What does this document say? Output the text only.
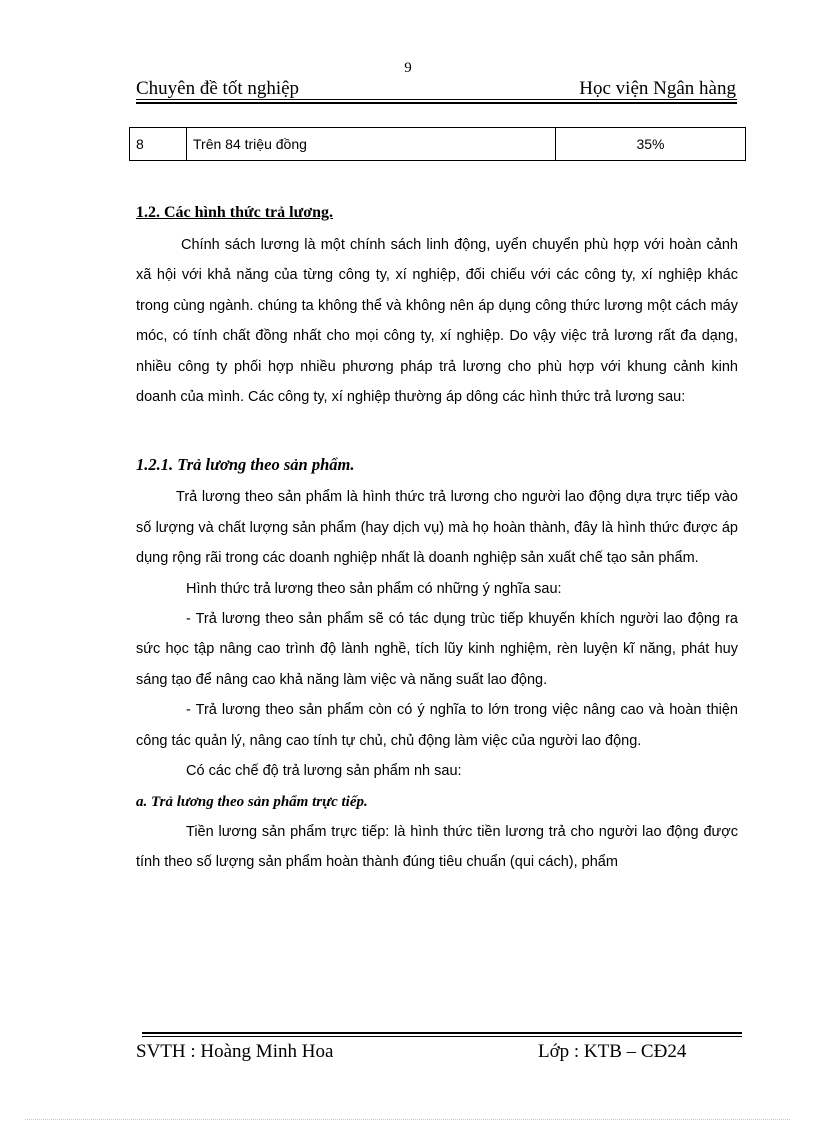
9
Chuyên đề tốt nghiệp	Học viện Ngân hàng
8	Trên 84 triệu đồng	35%
1.2. Các hình thức trả lương.

Chính sách lương là một chính sách linh động, uyển chuyển phù hợp với hoàn cảnh xã hội với khả năng của từng công ty, xí nghiệp, đối chiếu với các công ty, xí nghiệp khác trong cùng ngành. chúng ta không thể và không nên áp dụng công thức lương một cách máy móc, có tính chất đồng nhất cho mọi công ty, xí nghiệp. Do vậy việc trả lương rất đa dạng, nhiều công ty phối hợp nhiều phương pháp trả lương cho phù hợp với khung cảnh kinh doanh của mình. Các công ty, xí nghiệp thường áp dông các hình thức trả lương sau:

1.2.1. Trả lương theo sản phẩm.

Trả lương theo sản phẩm là hình thức trả lương cho người lao động dựa trực tiếp vào số lượng và chất lượng sản phẩm (hay dịch vụ) mà họ hoàn thành, đây là hình thức được áp dụng rộng rãi trong các doanh nghiệp nhất là doanh nghiệp sản xuất chế tạo sản phẩm.

Hình thức trả lương theo sản phẩm có những ý nghĩa sau:

- Trả lương theo sản phẩm sẽ có tác dụng trùc tiếp khuyến khích người lao động ra sức học tập nâng cao trình độ lành nghề, tích lũy kinh nghiệm, rèn luyện kĩ năng, phát huy sáng tạo để nâng cao khả năng làm việc và năng suất lao động.

- Trả lương theo sản phẩm còn có ý nghĩa to lớn trong việc nâng cao và hoàn thiện công tác quản lý, nâng cao tính tự chủ, chủ động làm việc của người lao động.

Có các chế độ trả lương sản phẩm nh sau:

a. Trả lương theo sản phẩm trực tiếp.

Tiền lương sản phẩm trực tiếp: là hình thức tiền lương trả cho người lao động được tính theo số lượng sản phẩm hoàn thành đúng tiêu chuẩn (qui cách), phẩm

SVTH : Hoàng Minh Hoa	Lớp : KTB – CĐ24
